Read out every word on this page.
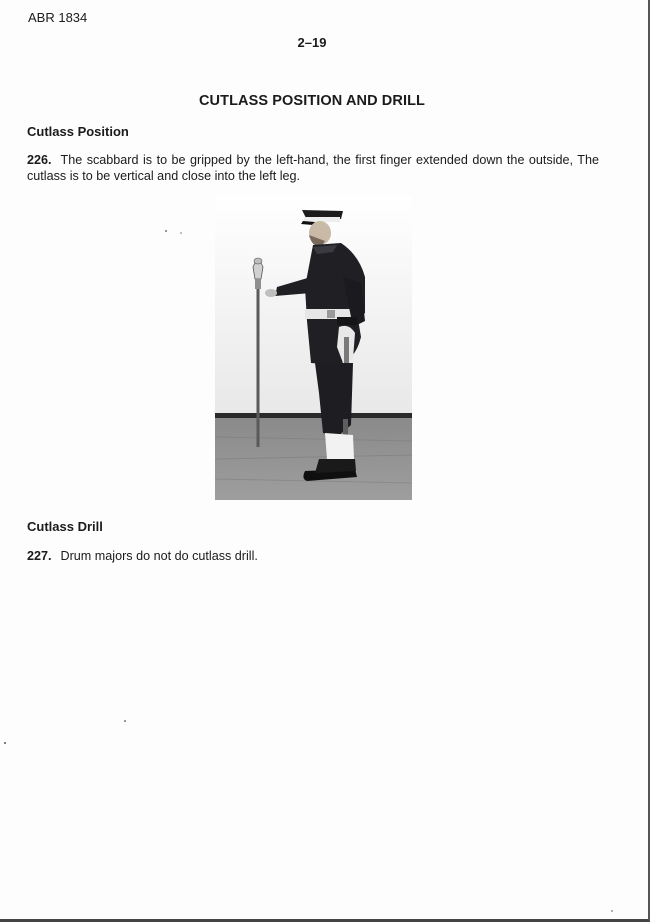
ABR 1834
2–19
CUTLASS POSITION AND DRILL
Cutlass Position
226. The scabbard is to be gripped by the left-hand, the first finger extended down the outside, The cutlass is to be vertical and close into the left leg.
Cutlass Drill
227. Drum majors do not do cutlass drill.
